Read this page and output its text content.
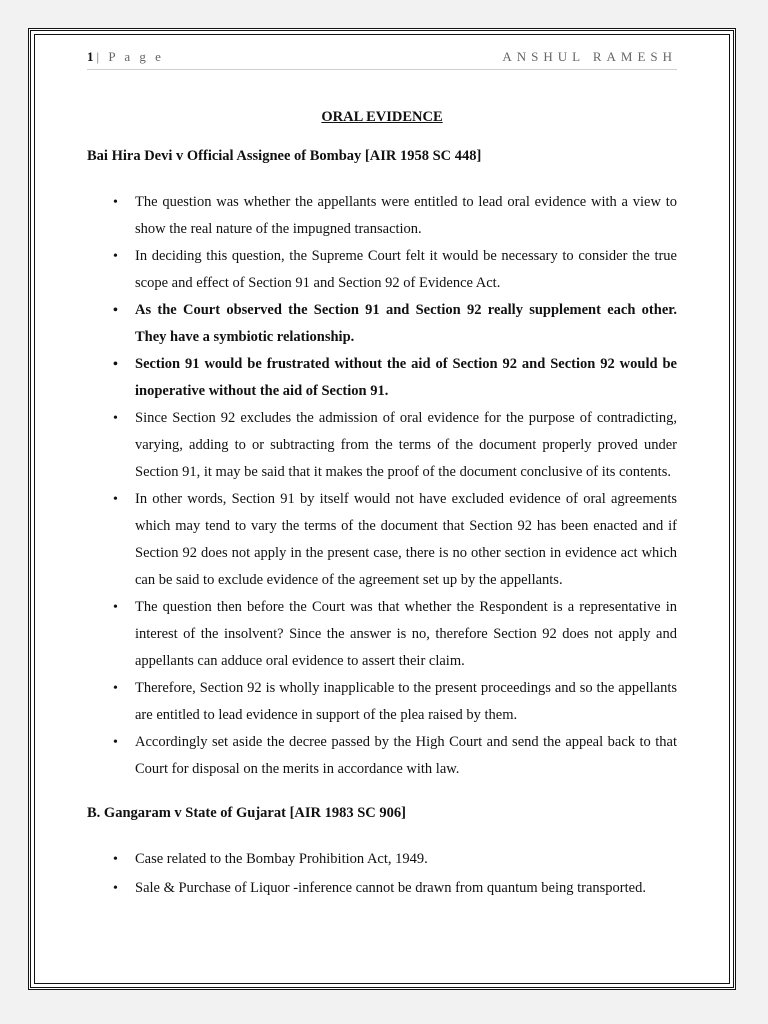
1| P a g e	ANSHUL RAMESH
ORAL EVIDENCE
Bai Hira Devi v Official Assignee of Bombay [AIR 1958 SC 448]
• The question was whether the appellants were entitled to lead oral evidence with a view to show the real nature of the impugned transaction.
• In deciding this question, the Supreme Court felt it would be necessary to consider the true scope and effect of Section 91 and Section 92 of Evidence Act.
• As the Court observed the Section 91 and Section 92 really supplement each other. They have a symbiotic relationship.
• Section 91 would be frustrated without the aid of Section 92 and Section 92 would be inoperative without the aid of Section 91.
• Since Section 92 excludes the admission of oral evidence for the purpose of contradicting, varying, adding to or subtracting from the terms of the document properly proved under Section 91, it may be said that it makes the proof of the document conclusive of its contents.
• In other words, Section 91 by itself would not have excluded evidence of oral agreements which may tend to vary the terms of the document that Section 92 has been enacted and if Section 92 does not apply in the present case, there is no other section in evidence act which can be said to exclude evidence of the agreement set up by the appellants.
• The question then before the Court was that whether the Respondent is a representative in interest of the insolvent? Since the answer is no, therefore Section 92 does not apply and appellants can adduce oral evidence to assert their claim.
• Therefore, Section 92 is wholly inapplicable to the present proceedings and so the appellants are entitled to lead evidence in support of the plea raised by them.
• Accordingly set aside the decree passed by the High Court and send the appeal back to that Court for disposal on the merits in accordance with law.
B. Gangaram v State of Gujarat [AIR 1983 SC 906]
• Case related to the Bombay Prohibition Act, 1949.
• Sale & Purchase of Liquor -inference cannot be drawn from quantum being transported.
